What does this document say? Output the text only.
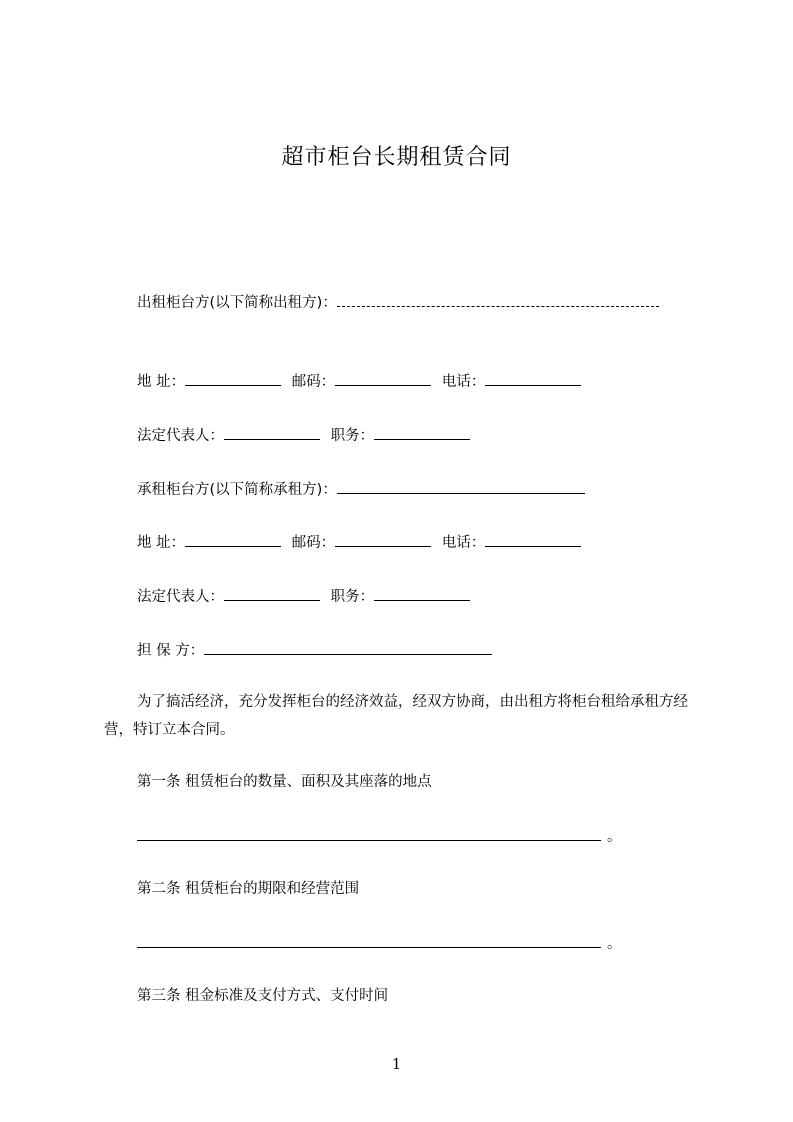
超市柜台长期租赁合同
出租柜台方(以下简称出租方)：
地 址：	邮码：	电话：
法定代表人：	职务：
承租柜台方(以下简称承租方)：
地 址：	邮码：	电话：
法定代表人：	职务：
担 保 方：
为了搞活经济，充分发挥柜台的经济效益，经双方协商，由出租方将柜台租给承租方经营，特订立本合同。
第一条 租赁柜台的数量、面积及其座落的地点
。
第二条 租赁柜台的期限和经营范围
。
第三条 租金标准及支付方式、支付时间
1
